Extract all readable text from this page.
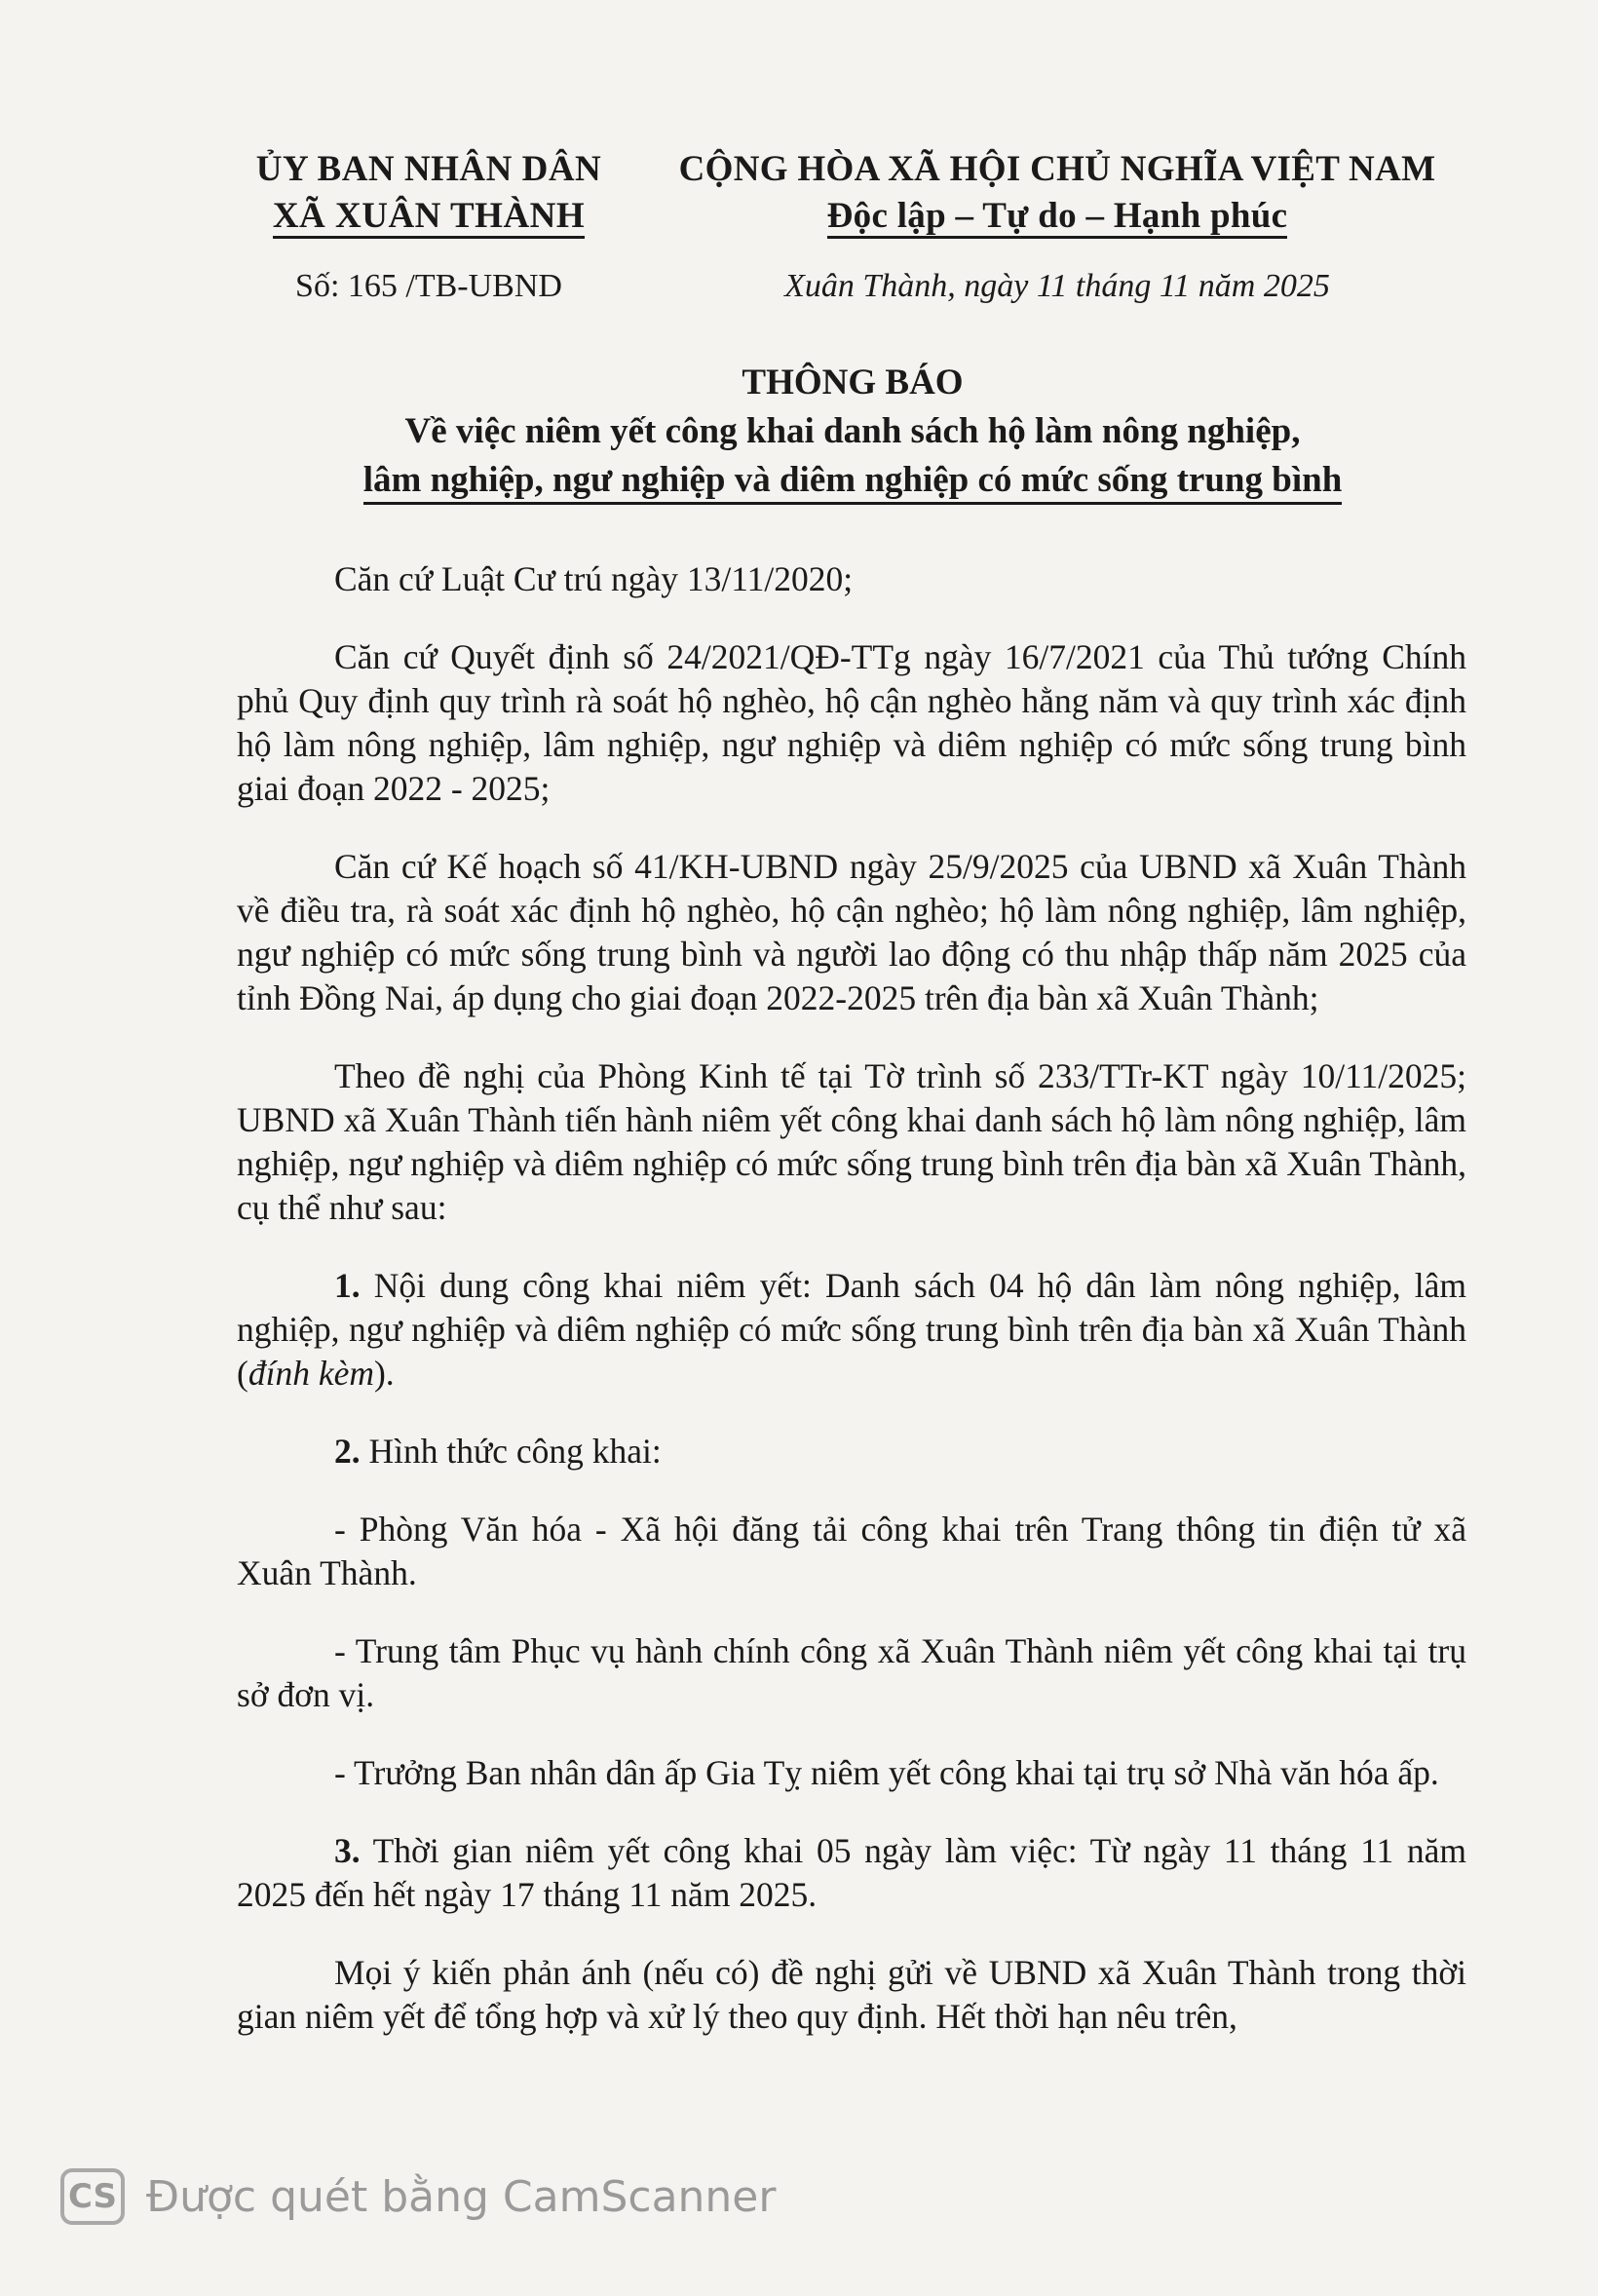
ỦY BAN NHÂN DÂN
XÃ XUÂN THÀNH
CỘNG HÒA XÃ HỘI CHỦ NGHĨA VIỆT NAM
Độc lập – Tự do – Hạnh phúc
Số: 165 /TB-UBND	Xuân Thành, ngày 11 tháng 11 năm 2025
THÔNG BÁO
Về việc niêm yết công khai danh sách hộ làm nông nghiệp,
lâm nghiệp, ngư nghiệp và diêm nghiệp có mức sống trung bình

Căn cứ Luật Cư trú ngày 13/11/2020;

Căn cứ Quyết định số 24/2021/QĐ-TTg ngày 16/7/2021 của Thủ tướng Chính phủ Quy định quy trình rà soát hộ nghèo, hộ cận nghèo hằng năm và quy trình xác định hộ làm nông nghiệp, lâm nghiệp, ngư nghiệp và diêm nghiệp có mức sống trung bình giai đoạn 2022 - 2025;

Căn cứ Kế hoạch số 41/KH-UBND ngày 25/9/2025 của UBND xã Xuân Thành về điều tra, rà soát xác định hộ nghèo, hộ cận nghèo; hộ làm nông nghiệp, lâm nghiệp, ngư nghiệp có mức sống trung bình và người lao động có thu nhập thấp năm 2025 của tỉnh Đồng Nai, áp dụng cho giai đoạn 2022-2025 trên địa bàn xã Xuân Thành;

Theo đề nghị của Phòng Kinh tế tại Tờ trình số 233/TTr-KT ngày 10/11/2025; UBND xã Xuân Thành tiến hành niêm yết công khai danh sách hộ làm nông nghiệp, lâm nghiệp, ngư nghiệp và diêm nghiệp có mức sống trung bình trên địa bàn xã Xuân Thành, cụ thể như sau:

1. Nội dung công khai niêm yết: Danh sách 04 hộ dân làm nông nghiệp, lâm nghiệp, ngư nghiệp và diêm nghiệp có mức sống trung bình trên địa bàn xã Xuân Thành (đính kèm).

2. Hình thức công khai:

- Phòng Văn hóa - Xã hội đăng tải công khai trên Trang thông tin điện tử xã Xuân Thành.

- Trung tâm Phục vụ hành chính công xã Xuân Thành niêm yết công khai tại trụ sở đơn vị.

- Trưởng Ban nhân dân ấp Gia Tỵ niêm yết công khai tại trụ sở Nhà văn hóa ấp.

3. Thời gian niêm yết công khai 05 ngày làm việc: Từ ngày 11 tháng 11 năm 2025 đến hết ngày 17 tháng 11 năm 2025.

Mọi ý kiến phản ánh (nếu có) đề nghị gửi về UBND xã Xuân Thành trong thời gian niêm yết để tổng hợp và xử lý theo quy định. Hết thời hạn nêu trên,

CS Được quét bằng CamScanner
